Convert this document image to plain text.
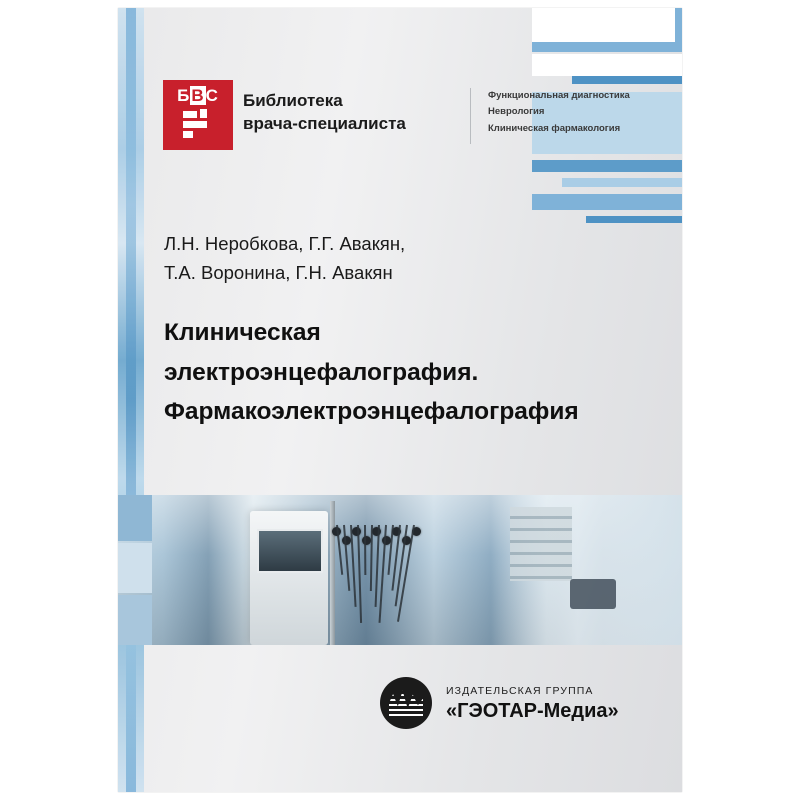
БВС	Библиотека
врача-специалиста
Функциональная диагностика
Неврология
Клиническая фармакология
Л.Н. Неробкова, Г.Г. Авакян,
Т.А. Воронина, Г.Н. Авакян
Клиническая
электроэнцефалография.
Фармакоэлектроэнцефалография
ИЗДАТЕЛЬСКАЯ ГРУППА
«ГЭОТАР-Медиа»
